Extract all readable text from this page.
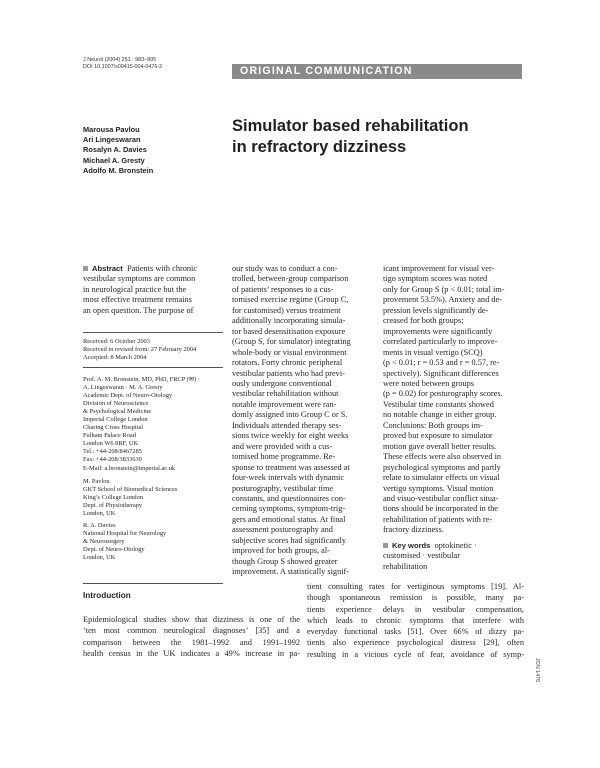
J Neurol (2004) 251 : 983–995
DOI 10.1007/s00415-004-0476-2	ORIGINAL COMMUNICATION
Marousa Pavlou
Ari Lingeswaran
Rosalyn A. Davies
Michael A. Gresty
Adolfo M. Bronstein
Simulator based rehabilitation
in refractory dizziness
Abstract Patients with chronic
vestibular symptoms are common
in neurological practice but the
most effective treatment remains
an open question. The purpose of
Received: 6 October 2003
Received in revised form: 27 February 2004
Accepted: 8 March 2004
Prof. A. M. Bronstein, MD, PhD, FRCP (✉) ·
A. Lingeswaran · M. A. Gresty
Academic Dept. of Neuro-Otology
Division of Neuroscience
& Psychological Medicine
Imperial College London
Charing Cross Hospital
Fulham Palace Road
London W6 8RF, UK
Tel.: +44-208/8467285
Fax: +44-208/3833630
E-Mail: a.bronstein@imperial.ac.uk
M. Pavlou
GKT School of Biomedical Sciences
King’s College London
Dept. of Physiotherapy
London, UK
R. A. Davies
National Hospital for Neurology
& Neurosurgery
Dept. of Neuro-Otology
London, UK
our study was to conduct a con-
trolled, between-group comparison
of patients’ responses to a cus-
tomised exercise regime (Group C,
for customised) versus treatment
additionally incorporating simula-
tor based desensitisation exposure
(Group S, for simulator) integrating
whole-body or visual environment
rotators. Forty chronic peripheral
vestibular patients who had previ-
ously undergone conventional
vestibular rehabilitation without
notable improvement were ran-
domly assigned into Group C or S.
Individuals attended therapy ses-
sions twice weekly for eight weeks
and were provided with a cus-
tomised home programme. Re-
sponse to treatment was assessed at
four-week intervals with dynamic
posturography, vestibular time
constants, and questionnaires con-
cerning symptoms, symptom-trig-
gers and emotional status. At final
assessment posturography and
subjective scores had significantly
improved for both groups, al-
though Group S showed greater
improvement. A statistically signif-
icant improvement for visual ver-
tigo symptom scores was noted
only for Group S (p < 0.01; total im-
provement 53.5%). Anxiety and de-
pression levels significantly de-
creased for both groups;
improvements were significantly
correlated particularly to improve-
ments in visual vertigo (SCQ)
(p < 0.01; r = 0.53 and r = 0.57, re-
spectively). Significant differences
were noted between groups
(p = 0.02) for posturography scores.
Vestibular time constants showed
no notable change in either group.
Conclusions: Both groups im-
proved but exposure to simulator
motion gave overall better results.
These effects were also observed in
psychological symptoms and partly
relate to simulator effects on visual
vertigo symptoms. Visual motion
and visuo-vestibular conflict situa-
tions should be incorporated in the
rehabilitation of patients with re-
fractory dizziness.
Key words optokinetic ·
customised · vestibular
rehabilitation
Introduction
Epidemiological studies show that dizziness is one of the
‘ten most common neurological diagnoses’ [35] and a
comparison between the 1981–1992 and 1991–1992
health census in the UK indicates a 49% increase in pa-
tient consulting rates for vertiginous symptoms [19]. Al-
though spontaneous remission is possible, many pa-
tients experience delays in vestibular compensation,
which leads to chronic symptoms that interfere with
everyday functional tasks [51]. Over 66% of dizzy pa-
tients also experience psychological distress [29], often
resulting in a vicious cycle of fear, avoidance of symp-
JON 1476
